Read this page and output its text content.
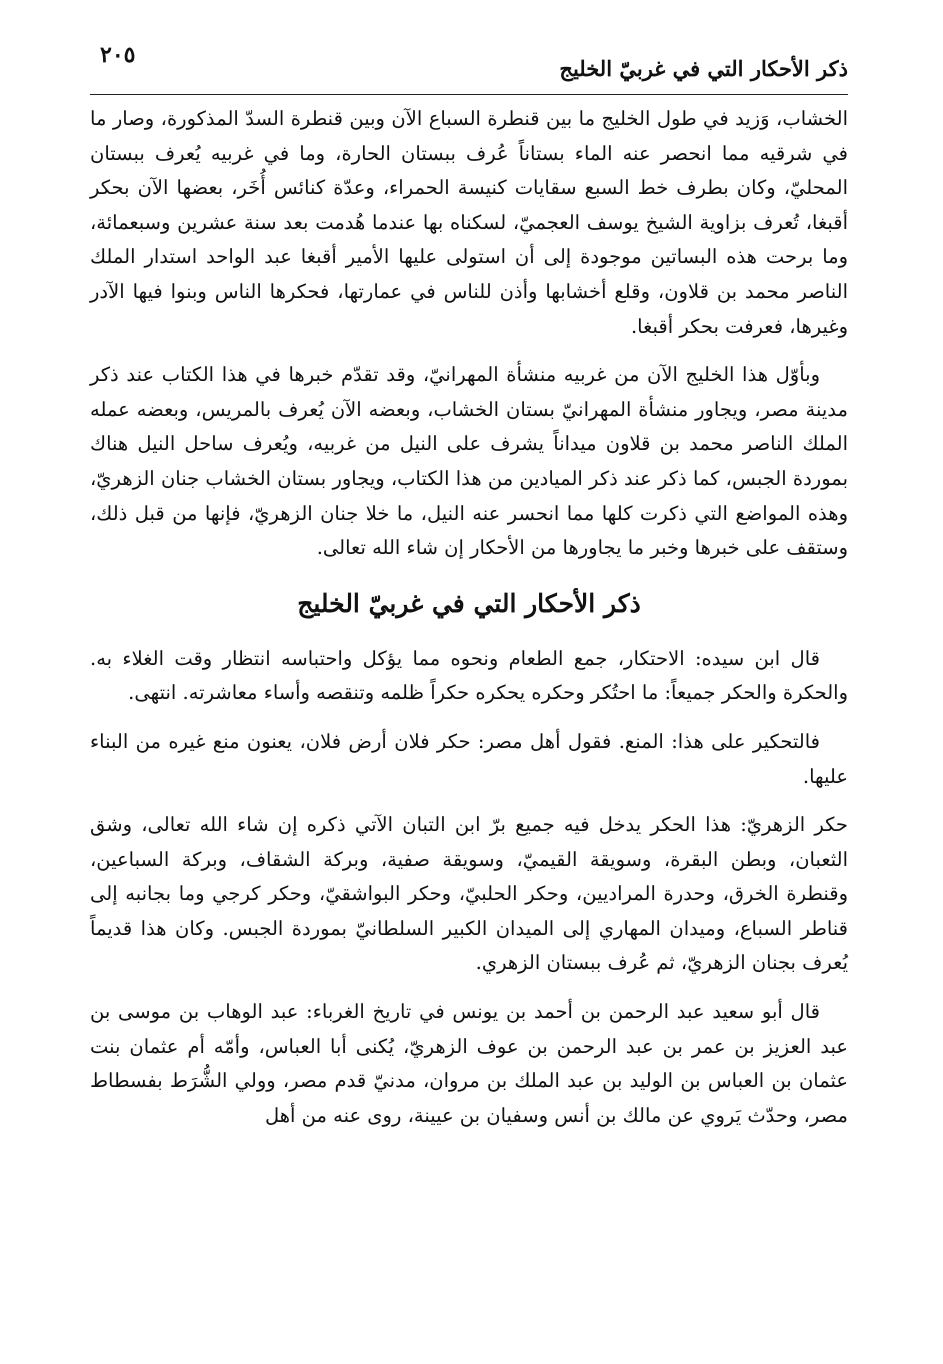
٢٠٥
ذكر الأحكار التي في غربيّ الخليج

الخشاب، وَزيد في طول الخليج ما بين قنطرة السباع الآن وبين قنطرة السدّ المذكورة، وصار ما في شرقيه مما انحصر عنه الماء بستاناً عُرف ببستان الحارة، وما في غربيه يُعرف ببستان المحليّ، وكان بطرف خط السبع سقايات كنيسة الحمراء، وعدّة كنائس أُخَر، بعضها الآن بحكر أقبغا، تُعرف بزاوية الشيخ يوسف العجميّ، لسكناه بها عندما هُدمت بعد سنة عشرين وسبعمائة، وما برحت هذه البساتين موجودة إلى أن استولى عليها الأمير أقبغا عبد الواحد استدار الملك الناصر محمد بن قلاون، وقلع أخشابها وأذن للناس في عمارتها، فحكرها الناس وبنوا فيها الآدر وغيرها، فعرفت بحكر أقبغا.

وبأوّل هذا الخليج الآن من غربيه منشأة المهرانيّ، وقد تقدّم خبرها في هذا الكتاب عند ذكر مدينة مصر، ويجاور منشأة المهرانيّ بستان الخشاب، وبعضه الآن يُعرف بالمريس، وبعضه عمله الملك الناصر محمد بن قلاون ميداناً يشرف على النيل من غربيه، ويُعرف ساحل النيل هناك بموردة الجبس، كما ذكر عند ذكر الميادين من هذا الكتاب، ويجاور بستان الخشاب جنان الزهريّ، وهذه المواضع التي ذكرت كلها مما انحسر عنه النيل، ما خلا جنان الزهريّ، فإنها من قبل ذلك، وستقف على خبرها وخبر ما يجاورها من الأحكار إن شاء الله تعالى.

ذكر الأحكار التي في غربيّ الخليج

قال ابن سيده: الاحتكار، جمع الطعام ونحوه مما يؤكل واحتباسه انتظار وقت الغلاء به. والحكرة والحكر جميعاً: ما احتُكر وحكره يحكره حكراً ظلمه وتنقصه وأساء معاشرته. انتهى.

فالتحكير على هذا: المنع. فقول أهل مصر: حكر فلان أرض فلان، يعنون منع غيره من البناء عليها.

حكر الزهريّ: هذا الحكر يدخل فيه جميع برّ ابن التبان الآتي ذكره إن شاء الله تعالى، وشق الثعبان، وبطن البقرة، وسويقة القيميّ، وسويقة صفية، وبركة الشقاف، وبركة السباعين، وقنطرة الخرق، وحدرة المراديين، وحكر الحلبيّ، وحكر البواشقيّ، وحكر كرجي وما بجانبه إلى قناطر السباع، وميدان المهاري إلى الميدان الكبير السلطانيّ بموردة الجبس. وكان هذا قديماً يُعرف بجنان الزهريّ، ثم عُرف ببستان الزهري.

قال أبو سعيد عبد الرحمن بن أحمد بن يونس في تاريخ الغرباء: عبد الوهاب بن موسى بن عبد العزيز بن عمر بن عبد الرحمن بن عوف الزهريّ، يُكنى أبا العباس، وأمّه أم عثمان بنت عثمان بن العباس بن الوليد بن عبد الملك بن مروان، مدنيّ قدم مصر، وولي الشُّرَط بفسطاط مصر، وحدّث يَروي عن مالك بن أنس وسفيان بن عيينة، روى عنه من أهل
